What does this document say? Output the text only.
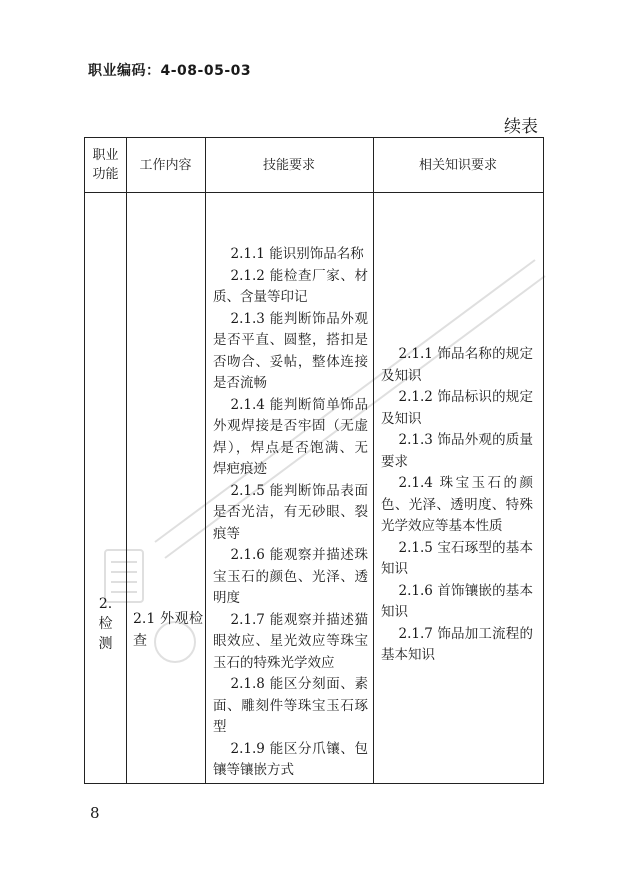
职业编码：4-08-05-03
续表
职业功能
工作内容	技能要求	相关知识要求
2. 检测
2.1 外观检查
2.1.1 能识别饰品名称
2.1.2 能检查厂家、材质、含量等印记
2.1.3 能判断饰品外观是否平直、圆整，搭扣是否吻合、妥帖，整体连接是否流畅
2.1.4 能判断简单饰品外观焊接是否牢固（无虚焊），焊点是否饱满、无焊疤痕迹
2.1.5 能判断饰品表面是否光洁，有无砂眼、裂痕等
2.1.6 能观察并描述珠宝玉石的颜色、光泽、透明度
2.1.7 能观察并描述猫眼效应、星光效应等珠宝玉石的特殊光学效应
2.1.8 能区分刻面、素面、雕刻件等珠宝玉石琢型
2.1.9 能区分爪镶、包镶等镶嵌方式
2.1.1 饰品名称的规定及知识
2.1.2 饰品标识的规定及知识
2.1.3 饰品外观的质量要求
2.1.4 珠宝玉石的颜色、光泽、透明度、特殊光学效应等基本性质
2.1.5 宝石琢型的基本知识
2.1.6 首饰镶嵌的基本知识
2.1.7 饰品加工流程的基本知识
8
